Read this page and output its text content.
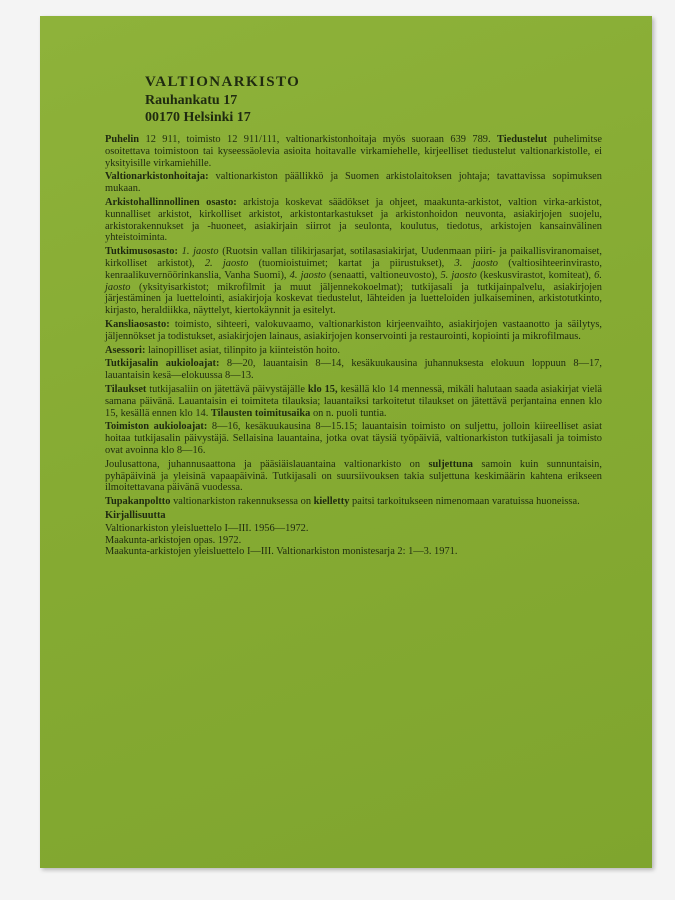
VALTIONARKISTO
Rauhankatu 17
00170 Helsinki 17

Puhelin 12 911, toimisto 12 911/111, valtionarkistonhoitaja myös suoraan 639 789. Tiedustelut puhelimitse osoitettava toimistoon tai kyseessäolevia asioita hoitavalle virkamiehelle, kirjeelliset tiedustelut valtionarkistolle, ei yksityisille virkamiehille.

Valtionarkistonhoitaja: valtionarkiston päällikkö ja Suomen arkistolaitoksen johtaja; tavattavissa sopimuksen mukaan.

Arkistohallinnollinen osasto: arkistoja koskevat säädökset ja ohjeet, maakunta-arkistot, valtion virka-arkistot, kunnalliset arkistot, kirkolliset arkistot, arkistontarkastukset ja arkistonhoidon neuvonta, asiakirjojen suojelu, arkistorakennukset ja -huoneet, asiakirjain siirrot ja seulonta, koulutus, tiedotus, arkistojen kansainvälinen yhteistoiminta.

Tutkimusosasto: 1. jaosto (Ruotsin vallan tilikirjasarjat, sotilasasiakirjat, Uudenmaan piiri- ja paikallisviranomaiset, kirkolliset arkistot), 2. jaosto (tuomioistuimet; kartat ja piirustukset), 3. jaosto (valtiosihteerinvirasto, kenraalikuvernöörinkanslia, Vanha Suomi), 4. jaosto (senaatti, valtioneuvosto), 5. jaosto (keskusvirastot, komiteat), 6. jaosto (yksityisarkistot; mikrofilmit ja muut jäljennekokoelmat); tutkijasali ja tutkijainpalvelu, asiakirjojen järjestäminen ja luettelointi, asiakirjoja koskevat tiedustelut, lähteiden ja luetteloiden julkaiseminen, arkistotutkinto, kirjasto, heraldiikka, näyttelyt, kiertokäynnit ja esitelyt.

Kansliaosasto: toimisto, sihteeri, valokuvaamo, valtionarkiston kirjeenvaihto, asiakirjojen vastaanotto ja säilytys, jäljennökset ja todistukset, asiakirjojen lainaus, asiakirjojen konservointi ja restaurointi, kopiointi ja mikrofilmaus.

Asessori: lainopilliset asiat, tilinpito ja kiinteistön hoito.

Tutkijasalin aukioloajat: 8—20, lauantaisin 8—14, kesäkuukausina juhannuksesta elokuun loppuun 8—17, lauantaisin kesä—elokuussa 8—13.

Tilaukset tutkijasaliin on jätettävä päivystäjälle klo 15, kesällä klo 14 mennessä, mikäli halutaan saada asiakirjat vielä samana päivänä. Lauantaisin ei toimiteta tilauksia; lauantaiksi tarkoitetut tilaukset on jätettävä perjantaina ennen klo 15, kesällä ennen klo 14. Tilausten toimitusaika on n. puoli tuntia.

Toimiston aukioloajat: 8—16, kesäkuukausina 8—15.15; lauantaisin toimisto on suljettu, jolloin kiireelliset asiat hoitaa tutkijasalin päivystäjä. Sellaisina lauantaina, jotka ovat täysiä työpäiviä, valtionarkiston tutkijasali ja toimisto ovat avoinna klo 8—16.

Joulusattona, juhannusaattona ja pääsiäislauantaina valtionarkisto on suljettuna samoin kuin sunnuntaisin, pyhäpäivinä ja yleisinä vapaapäivinä. Tutkijasali on suursiivouksen takia suljettuna keskimäärin kahtena erikseen ilmoitettavana päivänä vuodessa.

Tupakanpoltto valtionarkiston rakennuksessa on kielletty paitsi tarkoitukseen nimenomaan varatuissa huoneissa.

Kirjallisuutta
Valtionarkiston yleisluettelo I—III. 1956—1972.
Maakunta-arkistojen opas. 1972.
Maakunta-arkistojen yleisluettelo I—III. Valtionarkiston monistesarja 2: 1—3. 1971.
